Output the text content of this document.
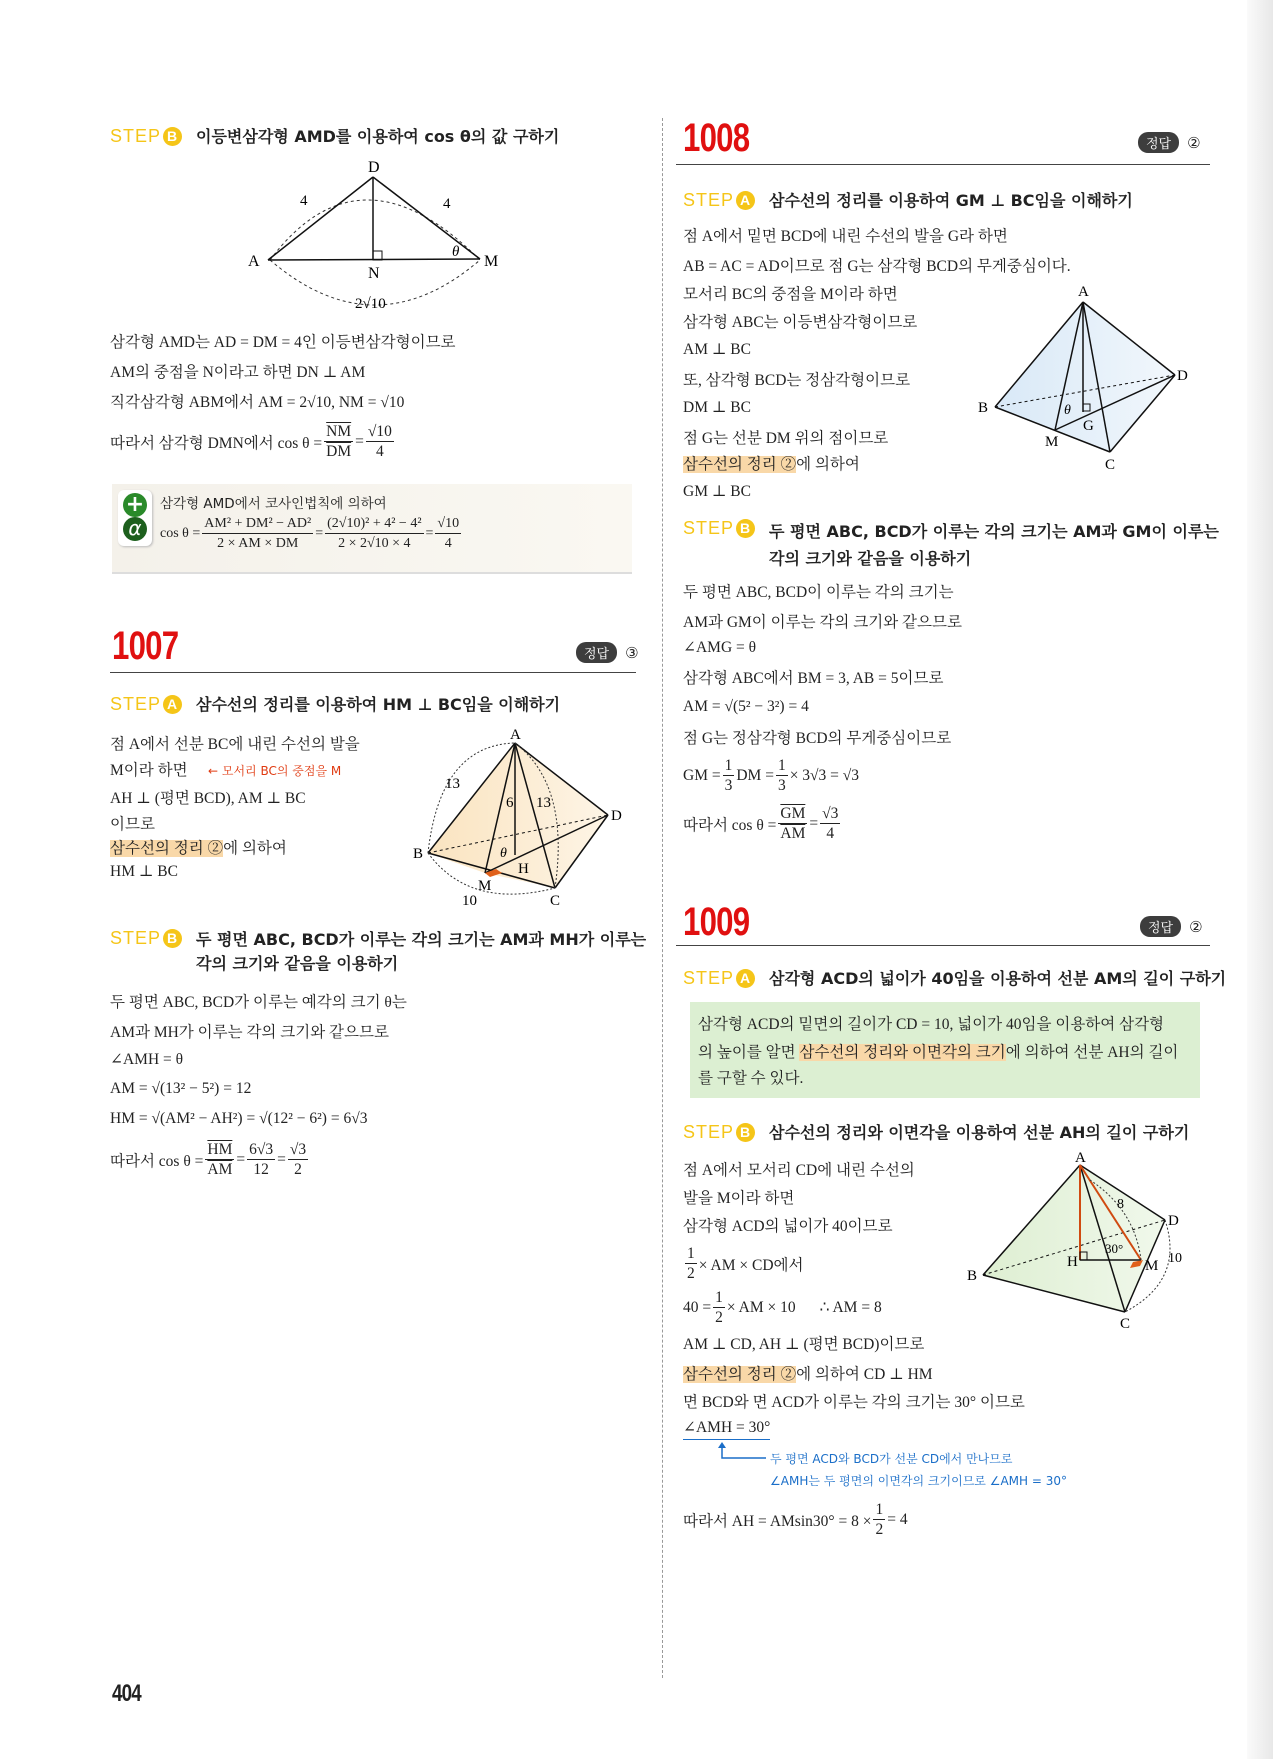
STEP B 이등변삼각형 AMD를 이용하여 cos θ의 값 구하기
D
A	M
N
θ
4	4
2√10
삼각형 AMD는 AD = DM = 4인 이등변삼각형이므로
AM의 중점을 N이라고 하면 DN ⊥ AM
직각삼각형 ABM에서 AM = 2√10, NM = √10
따라서 삼각형 DMN에서 $\cos \theta = \frac{\overline{NM}}{DM} = \frac{√10}{4}$
+
α
삼각형 AMD에서 코사인법칙에 의하여
$\cos \theta = \frac{\text{AM² + DM² − AD²}}{2 \times AM \times DM} = \frac{\text{(2√10)² + 4² − 4²}}{2 \times 2√10 \times 4} = \frac{√10}{4}$
1007	정답	③
STEP A 삼수선의 정리를 이용하여 HM ⊥ BC임을 이해하기
점 A에서 선분 BC에 내린 수선의 발을
M이라 하면 ← 모서리 BC의 중점을 M
AH ⊥ (평면 BCD), AM ⊥ BC
이므로
삼수선의 정리 ②에 의하여
HM ⊥ BC
A
B
C
D
M
H
θ
13
13
6
10
STEP B 두 평면 ABC, BCD가 이루는 각의 크기는 AM과 MH가 이루는
각의 크기와 같음을 이용하기
두 평면 ABC, BCD가 이루는 예각의 크기 θ는
AM과 MH가 이루는 각의 크기와 같으므로
∠AMH = θ
AM = √(13² − 5²) = 12
HM = √(AM² − AH²) = √(12² − 6²) = 6√3
따라서 $\cos \theta = \frac{\overline{HM}}{AM} = \frac{6√3}{12} = \frac{√3}{2}$
404
1008	정답	②
STEP A 삼수선의 정리를 이용하여 GM ⊥ BC임을 이해하기
점 A에서 밑면 BCD에 내린 수선의 발을 G라 하면
AB = AC = AD이므로 점 G는 삼각형 BCD의 무게중심이다.
모서리 BC의 중점을 M이라 하면
삼각형 ABC는 이등변삼각형이므로
AM ⊥ BC
또, 삼각형 BCD는 정삼각형이므로
DM ⊥ BC
점 G는 선분 DM 위의 점이므로
삼수선의 정리 ②에 의하여
GM ⊥ BC
A
B
C
D
M
G
θ
STEP B 두 평면 ABC, BCD가 이루는 각의 크기는 AM과 GM이 이루는
각의 크기와 같음을 이용하기
두 평면 ABC, BCD이 이루는 각의 크기는
AM과 GM이 이루는 각의 크기와 같으므로
∠AMG = θ
삼각형 ABC에서 BM = 3, AB = 5이므로
AM = √(5² − 3²) = 4
점 G는 정삼각형 BCD의 무게중심이므로
GM = $\frac{1}{3}$ DM = $\frac{1}{3} \times 3√3 = √3$
따라서 $\cos \theta = \frac{\overline{GM}}{AM} = \frac{√3}{4}$
1009	정답	②
STEP A 삼각형 ACD의 넓이가 40임을 이용하여 선분 AM의 길이 구하기
삼각형 ACD의 밑면의 길이가 CD = 10, 넓이가 40임을 이용하여 삼각형
의 높이를 알면 삼수선의 정리와 이면각의 크기에 의하여 선분 AH의 길이
를 구할 수 있다.
STEP B 삼수선의 정리와 이면각을 이용하여 선분 AH의 길이 구하기
점 A에서 모서리 CD에 내린 수선의
발을 M이라 하면
삼각형 ACD의 넓이가 40이므로
$\frac{1}{2}$ × AM × CD에서
$40 = \frac{1}{2}$ × AM × 10 ∴ AM = 8
AM ⊥ CD, AH ⊥ (평면 BCD)이므로
삼수선의 정리 ②에 의하여 CD ⊥ HM
면 BCD와 면 ACD가 이루는 각의 크기는 30° 이므로
∠AMH = 30°
두 평면 ACD와 BCD가 선분 CD에서 만나므로
∠AMH는 두 평면의 이면각의 크기이므로 ∠AMH = 30°
따라서 AH = $AMsin30^\circ = 8 \times \frac{1}{2} = 4$
A
B
C
D
H	M
8
10
30°
